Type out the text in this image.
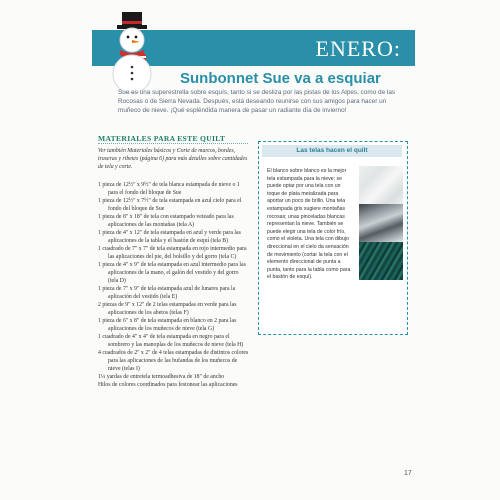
ENERO:
Sunbonnet Sue va a esquiar
Sue es una superestrella sobre esquís, tanto si se desliza por las pistas de los Alpes, como de las Rocosas o de Sierra Nevada. Después, está deseando reunirse con sus amigos para hacer un muñeco de nieve. ¡Qué espléndida manera de pasar un radiante día de invierno!
MATERIALES PARA ESTE QUILT
Ver también Materiales básicos y Corte de marcos, bordes, traseras y ribetes (página 6) para más detalles sobre cantidades de tela y corte.
1 pieza de 12½" x 9½" de tela blanca estampada de nieve o 1 para el fondo del bloque de Sue
1 pieza de 12½" x 7½" de tela estampada en azul cielo para el fondo del bloque de Sue
1 pieza de 8" x 18" de tela con estampado veteado para las aplicaciones de las montañas (tela A)
1 pieza de 4" x 12" de tela estampada en azul y verde para las aplicaciones de la tabla y el bastón de esquí (tela B)
1 cuadrado de 7" x 7" de tela estampada en rojo intermedio para las aplicaciones del pie, del bolsillo y del gorro (tela C)
1 pieza de 4" x 9" de tela estampada en azul intermedio para las aplicaciones de la mano, el galón del vestido y del gorro (tela D)
1 pieza de 7" x 9" de tela estampada azul de lunares para la aplicación del vestido (tela E)
2 piezas de 9" x 12" de 2 telas estampadas en verde para las aplicaciones de los abetos (telas F)
1 pieza de 6" x 8" de tela estampada en blanco en 2 para las aplicaciones de los muñecos de nieve (tela G)
1 cuadrado de 4" x 4" de tela estampada en negro para el sombrero y las manoplas de los muñecos de nieve (tela H)
4 cuadrados de 2" x 2" de 4 telas estampadas de distintos colores para las aplicaciones de las bufandas de los muñecos de nieve (telas I)
1¼ yardas de entretela termoadhesiva de 18" de ancho
Hilos de colores coordinados para festonear las aplicaciones
Las telas hacen el quilt
El blanco sobre blanco es la mejor tela estampada para la nieve; se puede optar por una tela con un toque de plata metalizada para aportar un poco de brillo. Una tela estampada gris sugiere montañas rocosas; unas pinceladas blancas representan la nieve. También se puede elegir una tela de color frío, como el violeta. Una tela con dibujo direccional en el cielo da sensación de movimiento (cortar la tela con el elemento direccional de punta a punta, tanto para la tabla como para el bastón de esquí).
17
